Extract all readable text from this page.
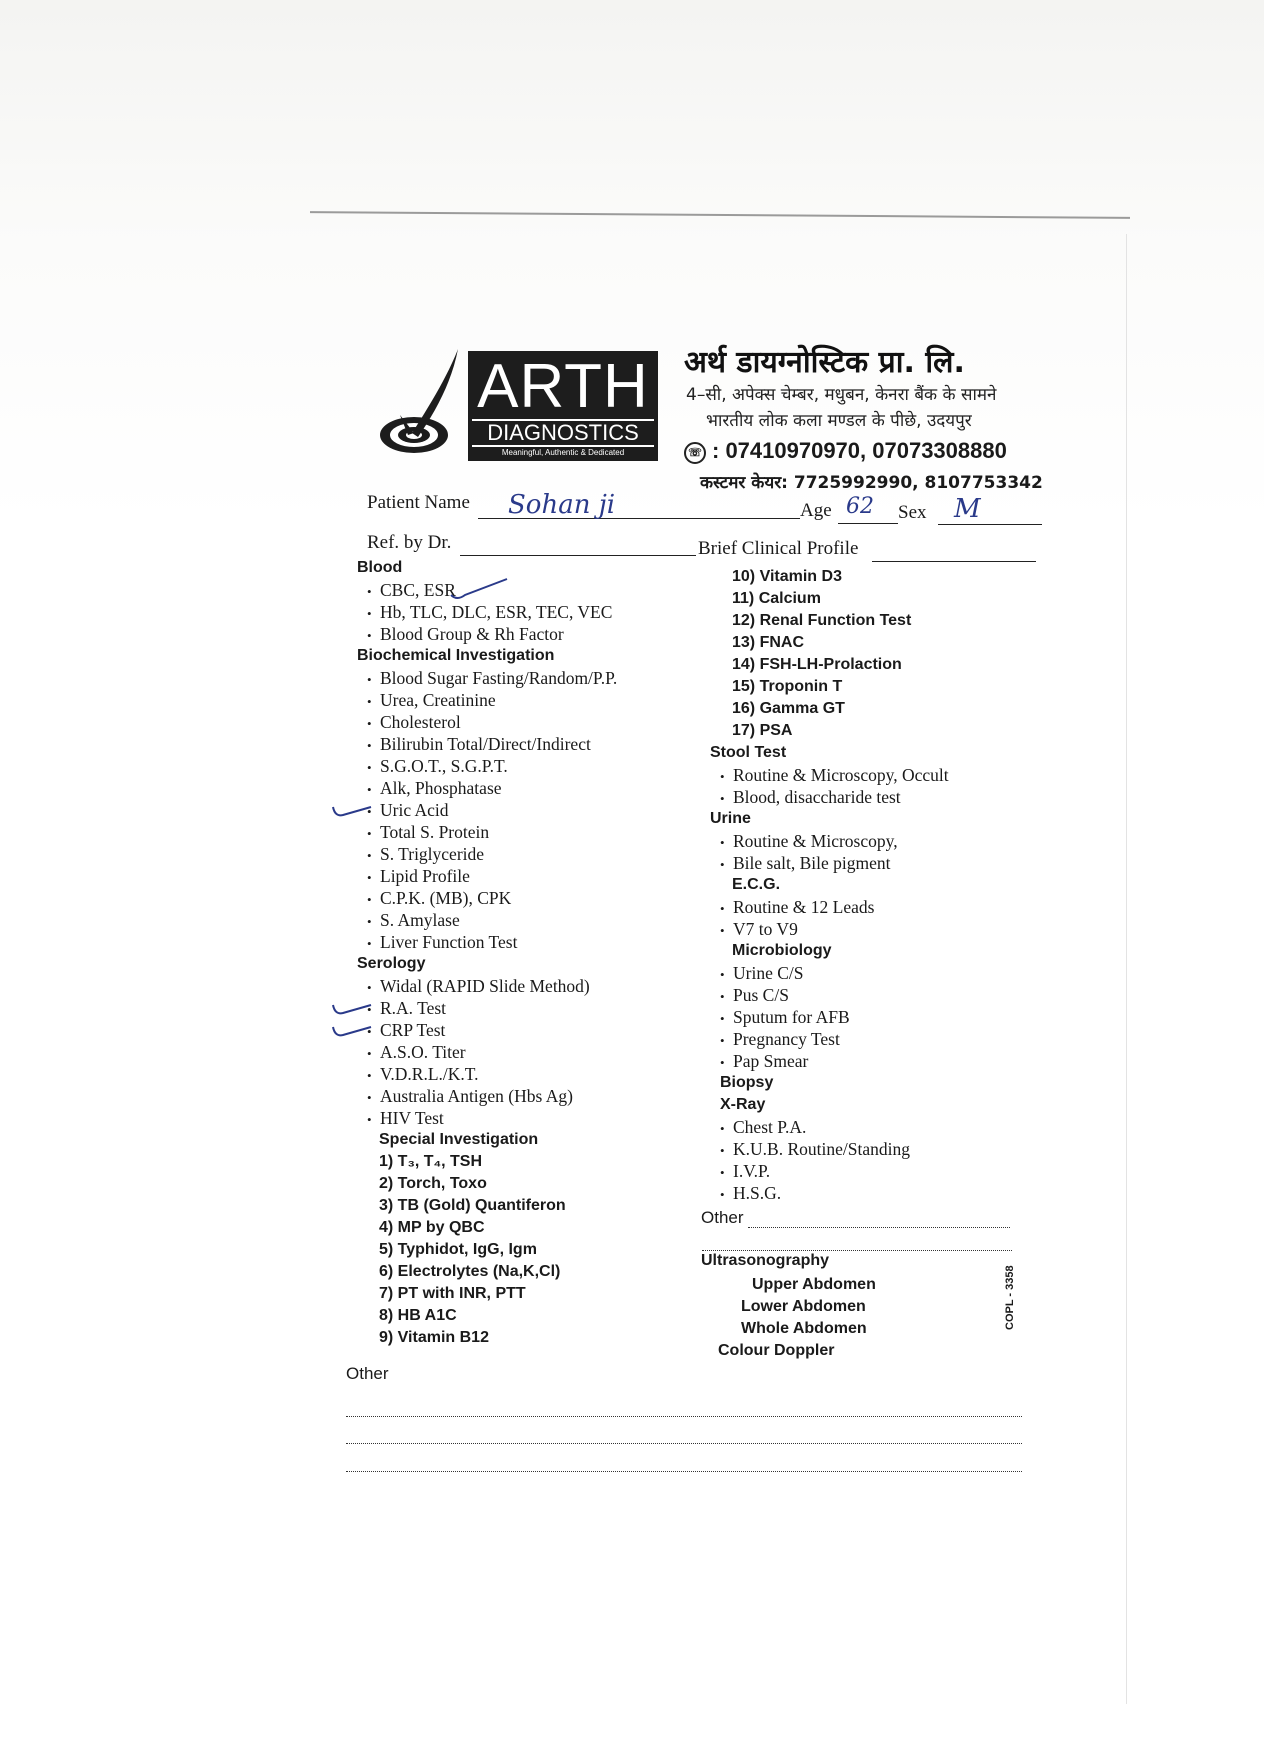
ARTH
DIAGNOSTICS
Meaningful, Authentic & Dedicated
अर्थ डायग्नोस्टिक प्रा. लि.
4–सी, अपेक्स चेम्बर, मधुबन, केनरा बैंक के सामने
भारतीय लोक कला मण्डल के पीछे, उदयपुर
☏ : 07410970970, 07073308880
कस्टमर केयर: 7725992990, 8107753342
Patient Name Sohan ji	Age 62 Sex M
Ref. by Dr.	Brief Clinical Profile
Blood
• CBC, ESR
• Hb, TLC, DLC, ESR, TEC, VEC
• Blood Group & Rh Factor
Biochemical Investigation
• Blood Sugar Fasting/Random/P.P.
• Urea, Creatinine
• Cholesterol
• Bilirubin Total/Direct/Indirect
• S.G.O.T., S.G.P.T.
• Alk, Phosphatase
• Uric Acid
• Total S. Protein
• S. Triglyceride
• Lipid Profile
• C.P.K. (MB), CPK
• S. Amylase
• Liver Function Test
Serology
• Widal (RAPID Slide Method)
• R.A. Test
• CRP Test
• A.S.O. Titer
• V.D.R.L./K.T.
• Australia Antigen (Hbs Ag)
• HIV Test
Special Investigation
1) T₃, T₄, TSH
2) Torch, Toxo
3) TB (Gold) Quantiferon
4) MP by QBC
5) Typhidot, IgG, Igm
6) Electrolytes (Na,K,Cl)
7) PT with INR, PTT
8) HB A1C
9) Vitamin B12
10) Vitamin D3
11) Calcium
12) Renal Function Test
13) FNAC
14) FSH-LH-Prolaction
15) Troponin T
16) Gamma GT
17) PSA
Stool Test
• Routine & Microscopy, Occult
• Blood, disaccharide test
Urine
• Routine & Microscopy,
• Bile salt, Bile pigment
E.C.G.
• Routine & 12 Leads
• V7 to V9
Microbiology
• Urine C/S
• Pus C/S
• Sputum for AFB
• Pregnancy Test
• Pap Smear
Biopsy
X-Ray
• Chest P.A.
• K.U.B. Routine/Standing
• I.V.P.
• H.S.G.
Other
Ultrasonography
Upper Abdomen
Lower Abdomen
Whole Abdomen
Colour Doppler
Other
COPL - 3358
